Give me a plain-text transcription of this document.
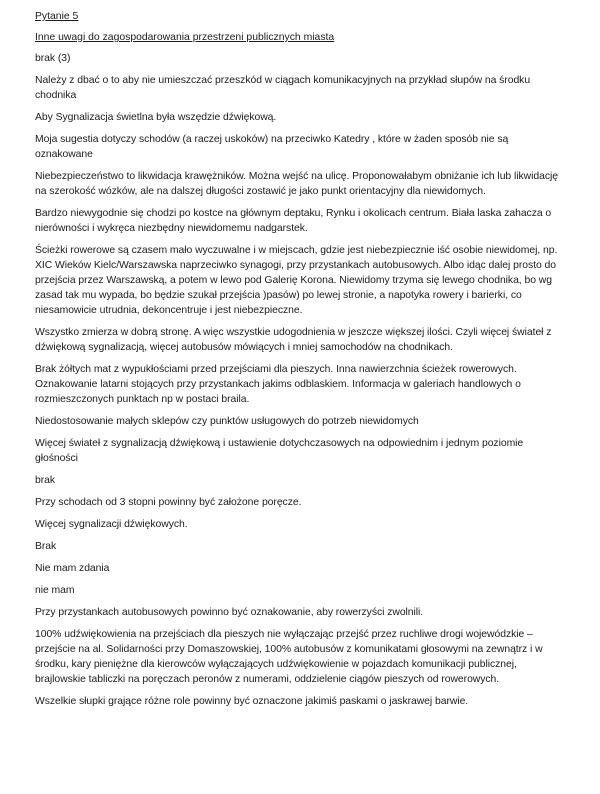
Pytanie 5
Inne uwagi do zagospodarowania przestrzeni publicznych miasta
brak (3)
Należy z dbać o to aby nie umieszczać przeszkód w ciągach komunikacyjnych na przykład słupów na środku chodnika
Aby Sygnalizacja świetlna była wszędzie dźwiękową.
Moja sugestia dotyczy schodów (a raczej uskoków) na przeciwko Katedry , które w żaden sposób nie są oznakowane
Niebezpieczeństwo to likwidacja krawężników. Można wejść na ulicę. Proponowałabym obniżanie ich lub likwidację na szerokość wózków, ale na dalszej długości zostawić je jako punkt orientacyjny dla niewidomych.
Bardzo niewygodnie się chodzi po kostce na głównym deptaku, Rynku i okolicach centrum. Biała laska zahacza o nierówności i wykręca niezbędny niewidomemu nadgarstek.
Ścieżki rowerowe są czasem mało wyczuwalne i w miejscach, gdzie jest niebezpiecznie iść osobie niewidomej, np. XIC Wieków Kielc/Warszawska naprzeciwko synagogi, przy przystankach autobusowych. Albo idąc dalej prosto do przejścia przez Warszawską, a potem w lewo pod Galerię Korona. Niewidomy trzyma się lewego chodnika, bo wg zasad tak mu wypada, bo będzie szukał przejścia )pasów) po lewej stronie, a napotyka rowery i barierki, co niesamowicie utrudnia, dekoncentruje i jest niebezpieczne.
Wszystko zmierza w dobrą stronę. A więc wszystkie udogodnienia w jeszcze większej ilości. Czyli więcej świateł z dźwiękową sygnalizacją, więcej autobusów mówiących i mniej samochodów na chodnikach.
Brak żółtych mat z wypukłościami przed przejściami dla pieszych. Inna nawierzchnia ścieżek rowerowych. Oznakowanie latarni stojących przy przystankach jakims odblaskiem. Informacja w galeriach handlowych o rozmieszczonych punktach np w postaci braila.
Niedostosowanie małych sklepów czy punktów usługowych do potrzeb niewidomych
Więcej świateł z sygnalizacją dźwiękową i ustawienie dotychczasowych na odpowiednim i jednym poziomie głośności
brak
Przy schodach od 3 stopni powinny być założone poręcze.
Więcej sygnalizacji dźwiękowych.
Brak
Nie mam zdania
nie mam
Przy przystankach autobusowych powinno być oznakowanie, aby rowerzyści zwolnili.
100% udźwiękowienia na przejściach dla pieszych nie wyłączając przejść przez ruchliwe drogi wojewódzkie – przejście na al. Solidarności przy Domaszowskiej, 100% autobusów z komunikatami głosowymi na zewnątrz i w środku, kary pieniężne dla kierowców wyłączających udźwiękowienie w pojazdach komunikacji publicznej, brajlowskie tabliczki na poręczach peronów z numerami, oddzielenie ciągów pieszych od rowerowych.
Wszelkie słupki grające różne role powinny być oznaczone jakimiś paskami o jaskrawej barwie.
